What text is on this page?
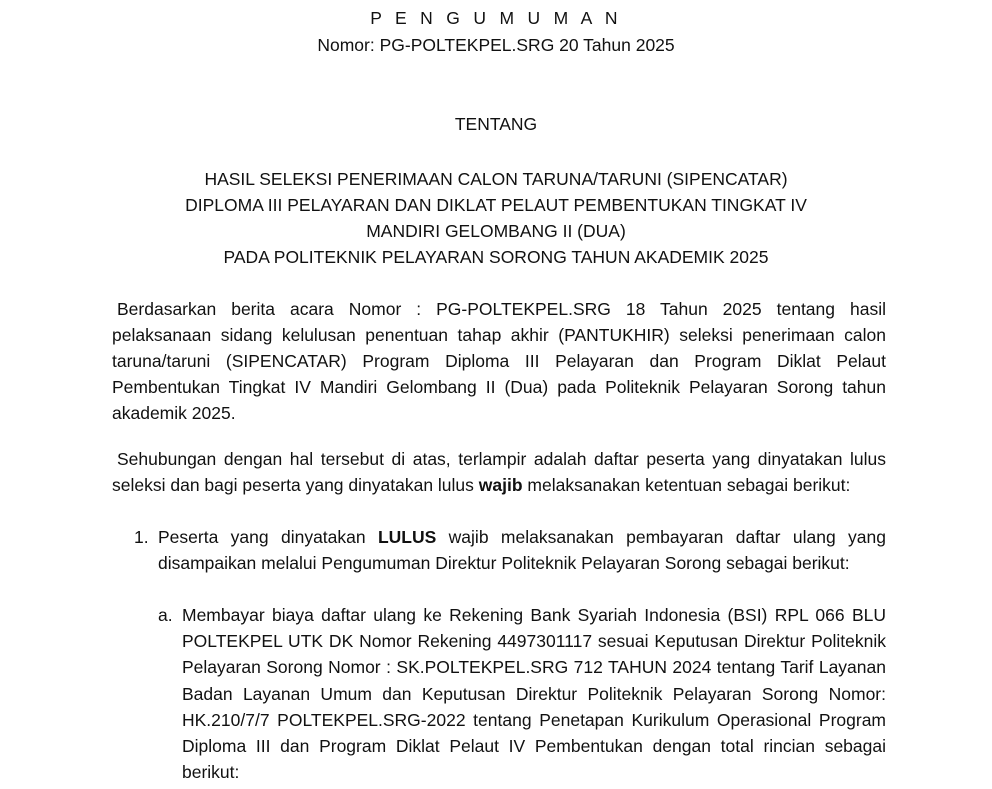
P E N G U M U M A N
Nomor: PG-POLTEKPEL.SRG 20 Tahun 2025
TENTANG
HASIL SELEKSI PENERIMAAN CALON TARUNA/TARUNI (SIPENCATAR)
DIPLOMA III PELAYARAN DAN DIKLAT PELAUT PEMBENTUKAN TINGKAT IV
MANDIRI GELOMBANG II (DUA)
PADA POLITEKNIK PELAYARAN SORONG TAHUN AKADEMIK 2025
Berdasarkan berita acara Nomor : PG-POLTEKPEL.SRG 18 Tahun 2025 tentang hasil pelaksanaan sidang kelulusan penentuan tahap akhir (PANTUKHIR) seleksi penerimaan calon taruna/taruni (SIPENCATAR) Program Diploma III Pelayaran dan Program Diklat Pelaut Pembentukan Tingkat IV Mandiri Gelombang II (Dua) pada Politeknik Pelayaran Sorong tahun akademik 2025.
Sehubungan dengan hal tersebut di atas, terlampir adalah daftar peserta yang dinyatakan lulus seleksi dan bagi peserta yang dinyatakan lulus wajib melaksanakan ketentuan sebagai berikut:
1. Peserta yang dinyatakan LULUS wajib melaksanakan pembayaran daftar ulang yang disampaikan melalui Pengumuman Direktur Politeknik Pelayaran Sorong sebagai berikut:
a. Membayar biaya daftar ulang ke Rekening Bank Syariah Indonesia (BSI) RPL 066 BLU POLTEKPEL UTK DK Nomor Rekening 4497301117 sesuai Keputusan Direktur Politeknik Pelayaran Sorong Nomor : SK.POLTEKPEL.SRG 712 TAHUN 2024 tentang Tarif Layanan Badan Layanan Umum dan Keputusan Direktur Politeknik Pelayaran Sorong Nomor: HK.210/7/7 POLTEKPEL.SRG-2022 tentang Penetapan Kurikulum Operasional Program Diploma III dan Program Diklat Pelaut IV Pembentukan dengan total rincian sebagai berikut:
